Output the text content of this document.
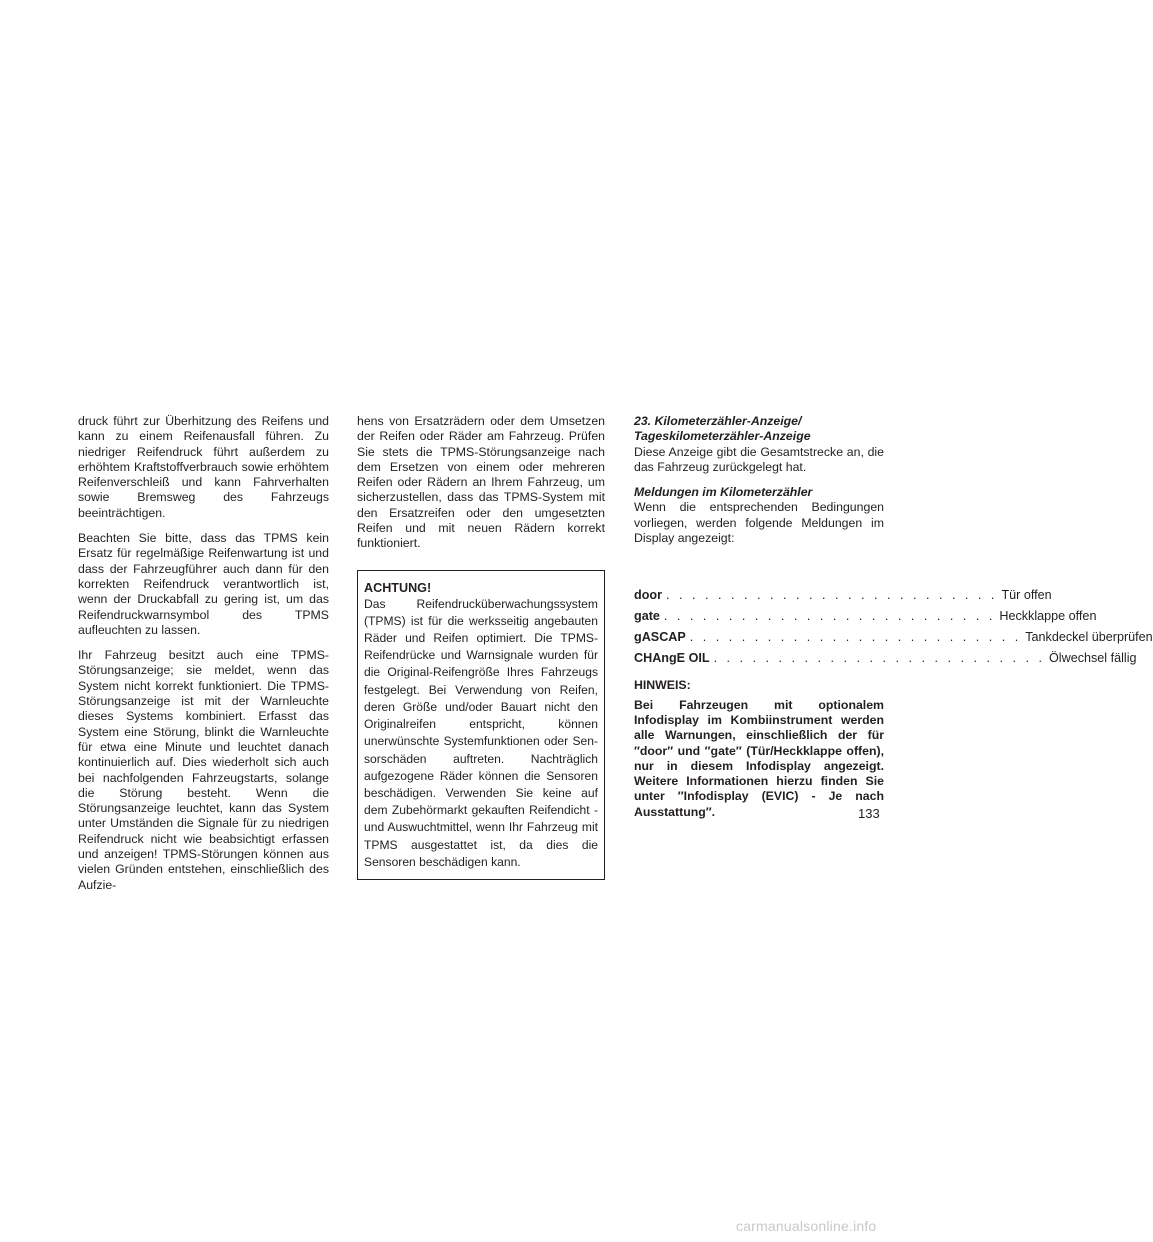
druck führt zur Überhitzung des Reifens und kann zu einem Reifenausfall führen. Zu niedriger Reifendruck führt außerdem zu erhöhtem Kraftstoffverbrauch sowie erhöhtem Reifenverschleiß und kann Fahrverhalten sowie Bremsweg des Fahrzeugs beeinträchtigen.

Beachten Sie bitte, dass das TPMS kein Ersatz für regelmäßige Reifenwartung ist und dass der Fahrzeugführer auch dann für den korrekten Reifendruck verantwortlich ist, wenn der Druckabfall zu gering ist, um das Reifendruckwarnsymbol des TPMS aufleuchten zu lassen.

Ihr Fahrzeug besitzt auch eine TPMS-Störungsanzeige; sie meldet, wenn das System nicht korrekt funktioniert. Die TPMS-Störungsanzeige ist mit der Warnleuchte dieses Systems kombiniert. Erfasst das System eine Störung, blinkt die Warnleuchte für etwa eine Minute und leuchtet danach kontinuierlich auf. Dies wiederholt sich auch bei nachfolgenden Fahrzeugstarts, solange die Störung besteht. Wenn die Störungsanzeige leuchtet, kann das System unter Umständen die Signale für zu niedrigen Reifendruck nicht wie beabsichtigt erfassen und anzeigen! TPMS-Störungen können aus vielen Gründen entstehen, einschließlich des Aufzie-

hens von Ersatzrädern oder dem Umsetzen der Reifen oder Räder am Fahrzeug. Prüfen Sie stets die TPMS-Störungsanzeige nach dem Ersetzen von einem oder mehreren Reifen oder Rädern an Ihrem Fahrzeug, um sicherzustellen, dass das TPMS-System mit den Ersatzreifen oder den umgesetzten Reifen und mit neuen Rädern korrekt funktioniert.

ACHTUNG!
Das Reifendrucküberwachungssystem (TPMS) ist für die werksseitig angebauten Räder und Reifen optimiert. Die TPMS-Reifendrücke und Warnsignale wurden für die Original-Reifengröße Ihres Fahrzeugs festgelegt. Bei Verwendung von Reifen, deren Größe und/oder Bauart nicht den Originalreifen entspricht, können unerwünschte Systemfunktionen oder Sensorschäden auftreten. Nachträglich aufgezogene Räder können die Sensoren beschädigen. Verwenden Sie keine auf dem Zubehörmarkt gekauften Reifendicht - und Auswuchtmittel, wenn Ihr Fahrzeug mit TPMS ausgestattet ist, da dies die Sensoren beschädigen kann.
23. Kilometerzähler-Anzeige/
Tageskilometerzähler-Anzeige

Diese Anzeige gibt die Gesamtstrecke an, die das Fahrzeug zurückgelegt hat.

Meldungen im Kilometerzähler

Wenn die entsprechenden Bedingungen vorliegen, werden folgende Meldungen im Display angezeigt:

door . . . . . . . . . . . . . . . . . . . . . . . . . . Tür offen
gate . . . . . . . . . . . . . . . . . . . . . . . . . . Heckklappe offen
gASCAP . . . . . . . . . . . . . . . . . . . . . . . . . . Tankdeckel überprüfen
CHAngE OIL . . . . . . . . . . . . . . . . . . . . . . . . . . Ölwechsel fällig
HINWEIS:
Bei Fahrzeugen mit optionalem Infodisplay im Kombiinstrument werden alle Warnungen, einschließlich der für ″door″ und ″gate″ (Tür/Heckklappe offen), nur in diesem Infodisplay angezeigt. Weitere Informationen hierzu finden Sie unter ″Infodisplay (EVIC) - Je nach Ausstattung″.	133
carmanualsonline.info
